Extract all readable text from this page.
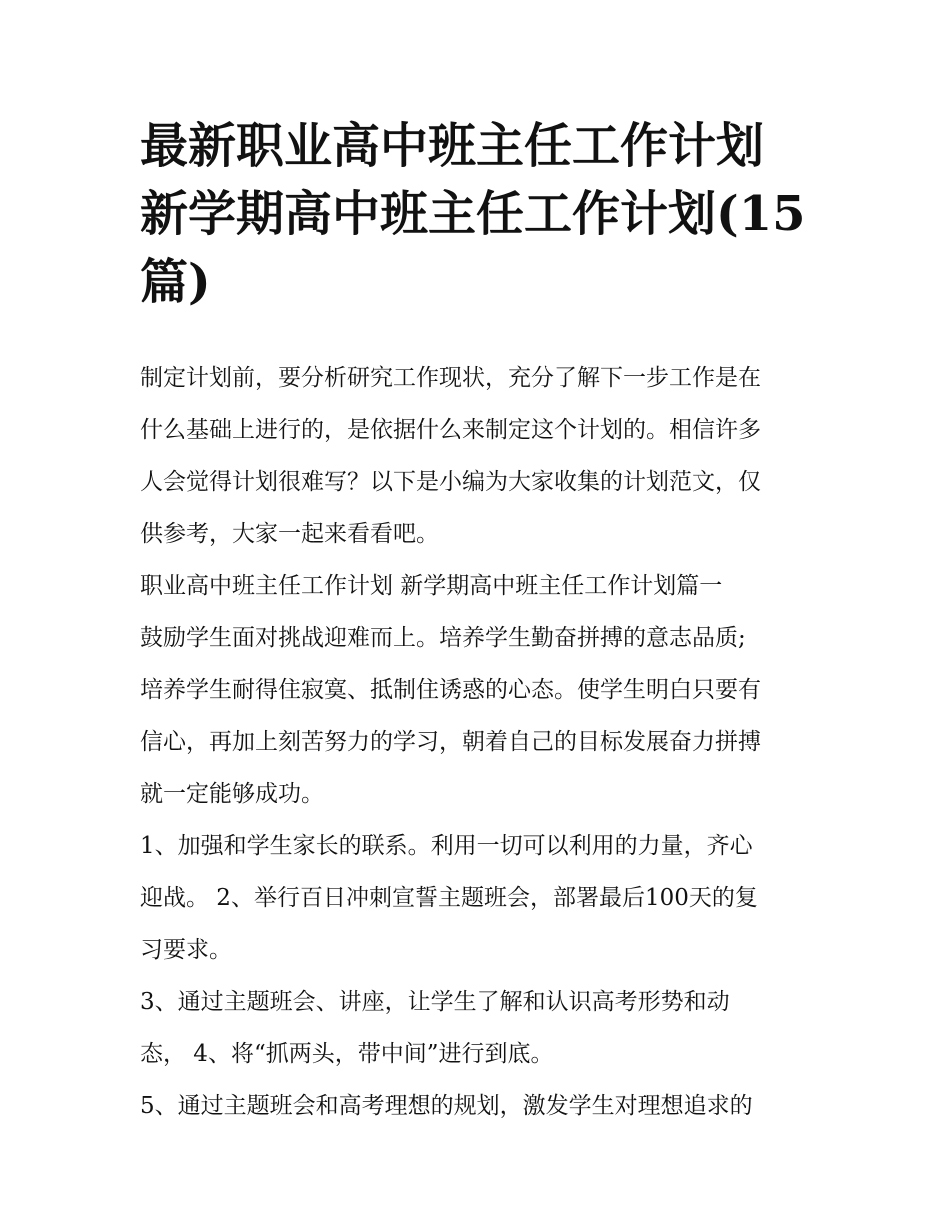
最新职业高中班主任工作计划
新学期高中班主任工作计划(15
篇)
制定计划前，要分析研究工作现状，充分了解下一步工作是在
什么基础上进行的，是依据什么来制定这个计划的。相信许多
人会觉得计划很难写？以下是小编为大家收集的计划范文，仅
供参考，大家一起来看看吧。
职业高中班主任工作计划 新学期高中班主任工作计划篇一
鼓励学生面对挑战迎难而上。培养学生勤奋拼搏的意志品质;
培养学生耐得住寂寞、抵制住诱惑的心态。使学生明白只要有
信心，再加上刻苦努力的学习，朝着自己的目标发展奋力拼搏
就一定能够成功。
1、加强和学生家长的联系。利用一切可以利用的力量，齐心
迎战。 2、举行百日冲刺宣誓主题班会，部署最后100天的复
习要求。
3、通过主题班会、讲座，让学生了解和认识高考形势和动
态， 4、将“抓两头，带中间”进行到底。
5、通过主题班会和高考理想的规划，激发学生对理想追求的
